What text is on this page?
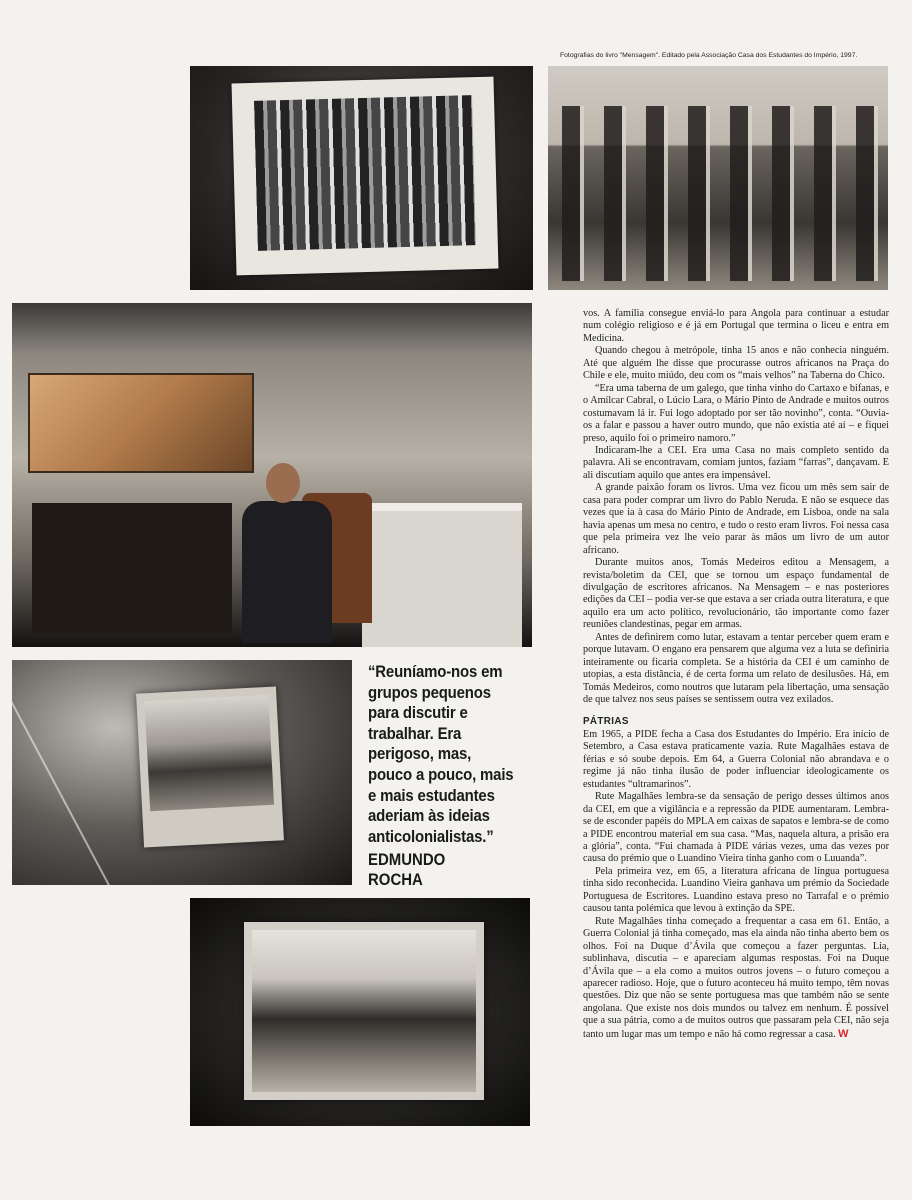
Fotografias do livro "Mensagem". Editado pela Associação Casa dos Estudantes do Império, 1997.
“Reuníamo-nos em grupos pequenos para discutir e trabalhar. Era perigoso, mas, pouco a pouco, mais e mais estudantes aderiam às ideias anticolonialistas.”
EDMUNDO
ROCHA

vos. A família consegue enviá-lo para Angola para continuar a estudar num colégio religioso e é já em Portugal que termina o liceu e entra em Medicina.

Quando chegou à metrópole, tinha 15 anos e não conhecia ninguém. Até que alguém lhe disse que procurasse outros africanos na Praça do Chile e ele, muito miúdo, deu com os “mais velhos” na Taberna do Chico.

“Era uma taberna de um galego, que tinha vinho do Cartaxo e bifanas, e o Amílcar Cabral, o Lúcio Lara, o Mário Pinto de Andrade e muitos outros costumavam lá ir. Fui logo adoptado por ser tão novinho”, conta. “Ouvia-os a falar e passou a haver outro mundo, que não existia até aí – e fiquei preso, aquilo foi o primeiro namoro.”

Indicaram-lhe a CEI. Era uma Casa no mais completo sentido da palavra. Ali se encontravam, comiam juntos, faziam “farras”, dançavam. E ali discutiam aquilo que antes era impensável.

A grande paixão foram os livros. Uma vez ficou um mês sem sair de casa para poder comprar um livro do Pablo Neruda. E não se esquece das vezes que ia à casa do Mário Pinto de Andrade, em Lisboa, onde na sala havia apenas um mesa no centro, e tudo o resto eram livros. Foi nessa casa que pela primeira vez lhe veio parar às mãos um livro de um autor africano.

Durante muitos anos, Tomás Medeiros editou a Mensagem, a revista/boletim da CEI, que se tornou um espaço fundamental de divulgação de escritores africanos. Na Mensagem – e nas posteriores edições da CEI – podia ver-se que estava a ser criada outra literatura, e que aquilo era um acto político, revolucionário, tão importante como fazer reuniões clandestinas, pegar em armas.

Antes de definirem como lutar, estavam a tentar perceber quem eram e porque lutavam. O engano era pensarem que alguma vez a luta se definiria inteiramente ou ficaria completa. Se a história da CEI é um caminho de utopias, a esta distância, é de certa forma um relato de desilusões. Há, em Tomás Medeiros, como noutros que lutaram pela libertação, uma sensação de que talvez nos seus países se sentissem outra vez exilados.

PÁTRIAS

Em 1965, a PIDE fecha a Casa dos Estudantes do Império. Era início de Setembro, a Casa estava praticamente vazia. Rute Magalhães estava de férias e só soube depois. Em 64, a Guerra Colonial não abrandava e o regime já não tinha ilusão de poder influenciar ideologicamente os estudantes “ultramarinos”.

Rute Magalhães lembra-se da sensação de perigo desses últimos anos da CEI, em que a vigilância e a repressão da PIDE aumentaram. Lembra-se de esconder papéis do MPLA em caixas de sapatos e lembra-se de como a PIDE encontrou material em sua casa. “Mas, naquela altura, a prisão era a glória”, conta. “Fui chamada à PIDE várias vezes, uma das vezes por causa do prémio que o Luandino Vieira tinha ganho com o Luuanda”.

Pela primeira vez, em 65, a literatura africana de língua portuguesa tinha sido reconhecida. Luandino Vieira ganhava um prémio da Sociedade Portuguesa de Escritores. Luandino estava preso no Tarrafal e o prémio causou tanta polémica que levou à extinção da SPE.

Rute Magalhães tinha começado a frequentar a casa em 61. Então, a Guerra Colonial já tinha começado, mas ela ainda não tinha aberto bem os olhos. Foi na Duque d’Ávila que começou a fazer perguntas. Lia, sublinhava, discutia – e apareciam algumas respostas. Foi na Duque d’Ávila que – a ela como a muitos outros jovens – o futuro começou a aparecer radioso. Hoje, que o futuro aconteceu há muito tempo, têm novas questões. Diz que não se sente portuguesa mas que também não se sente angolana. Que existe nos dois mundos ou talvez em nenhum. É possível que a sua pátria, como a de muitos outros que passaram pela CEI, não seja tanto um lugar mas um tempo e não há como regressar a casa. W
